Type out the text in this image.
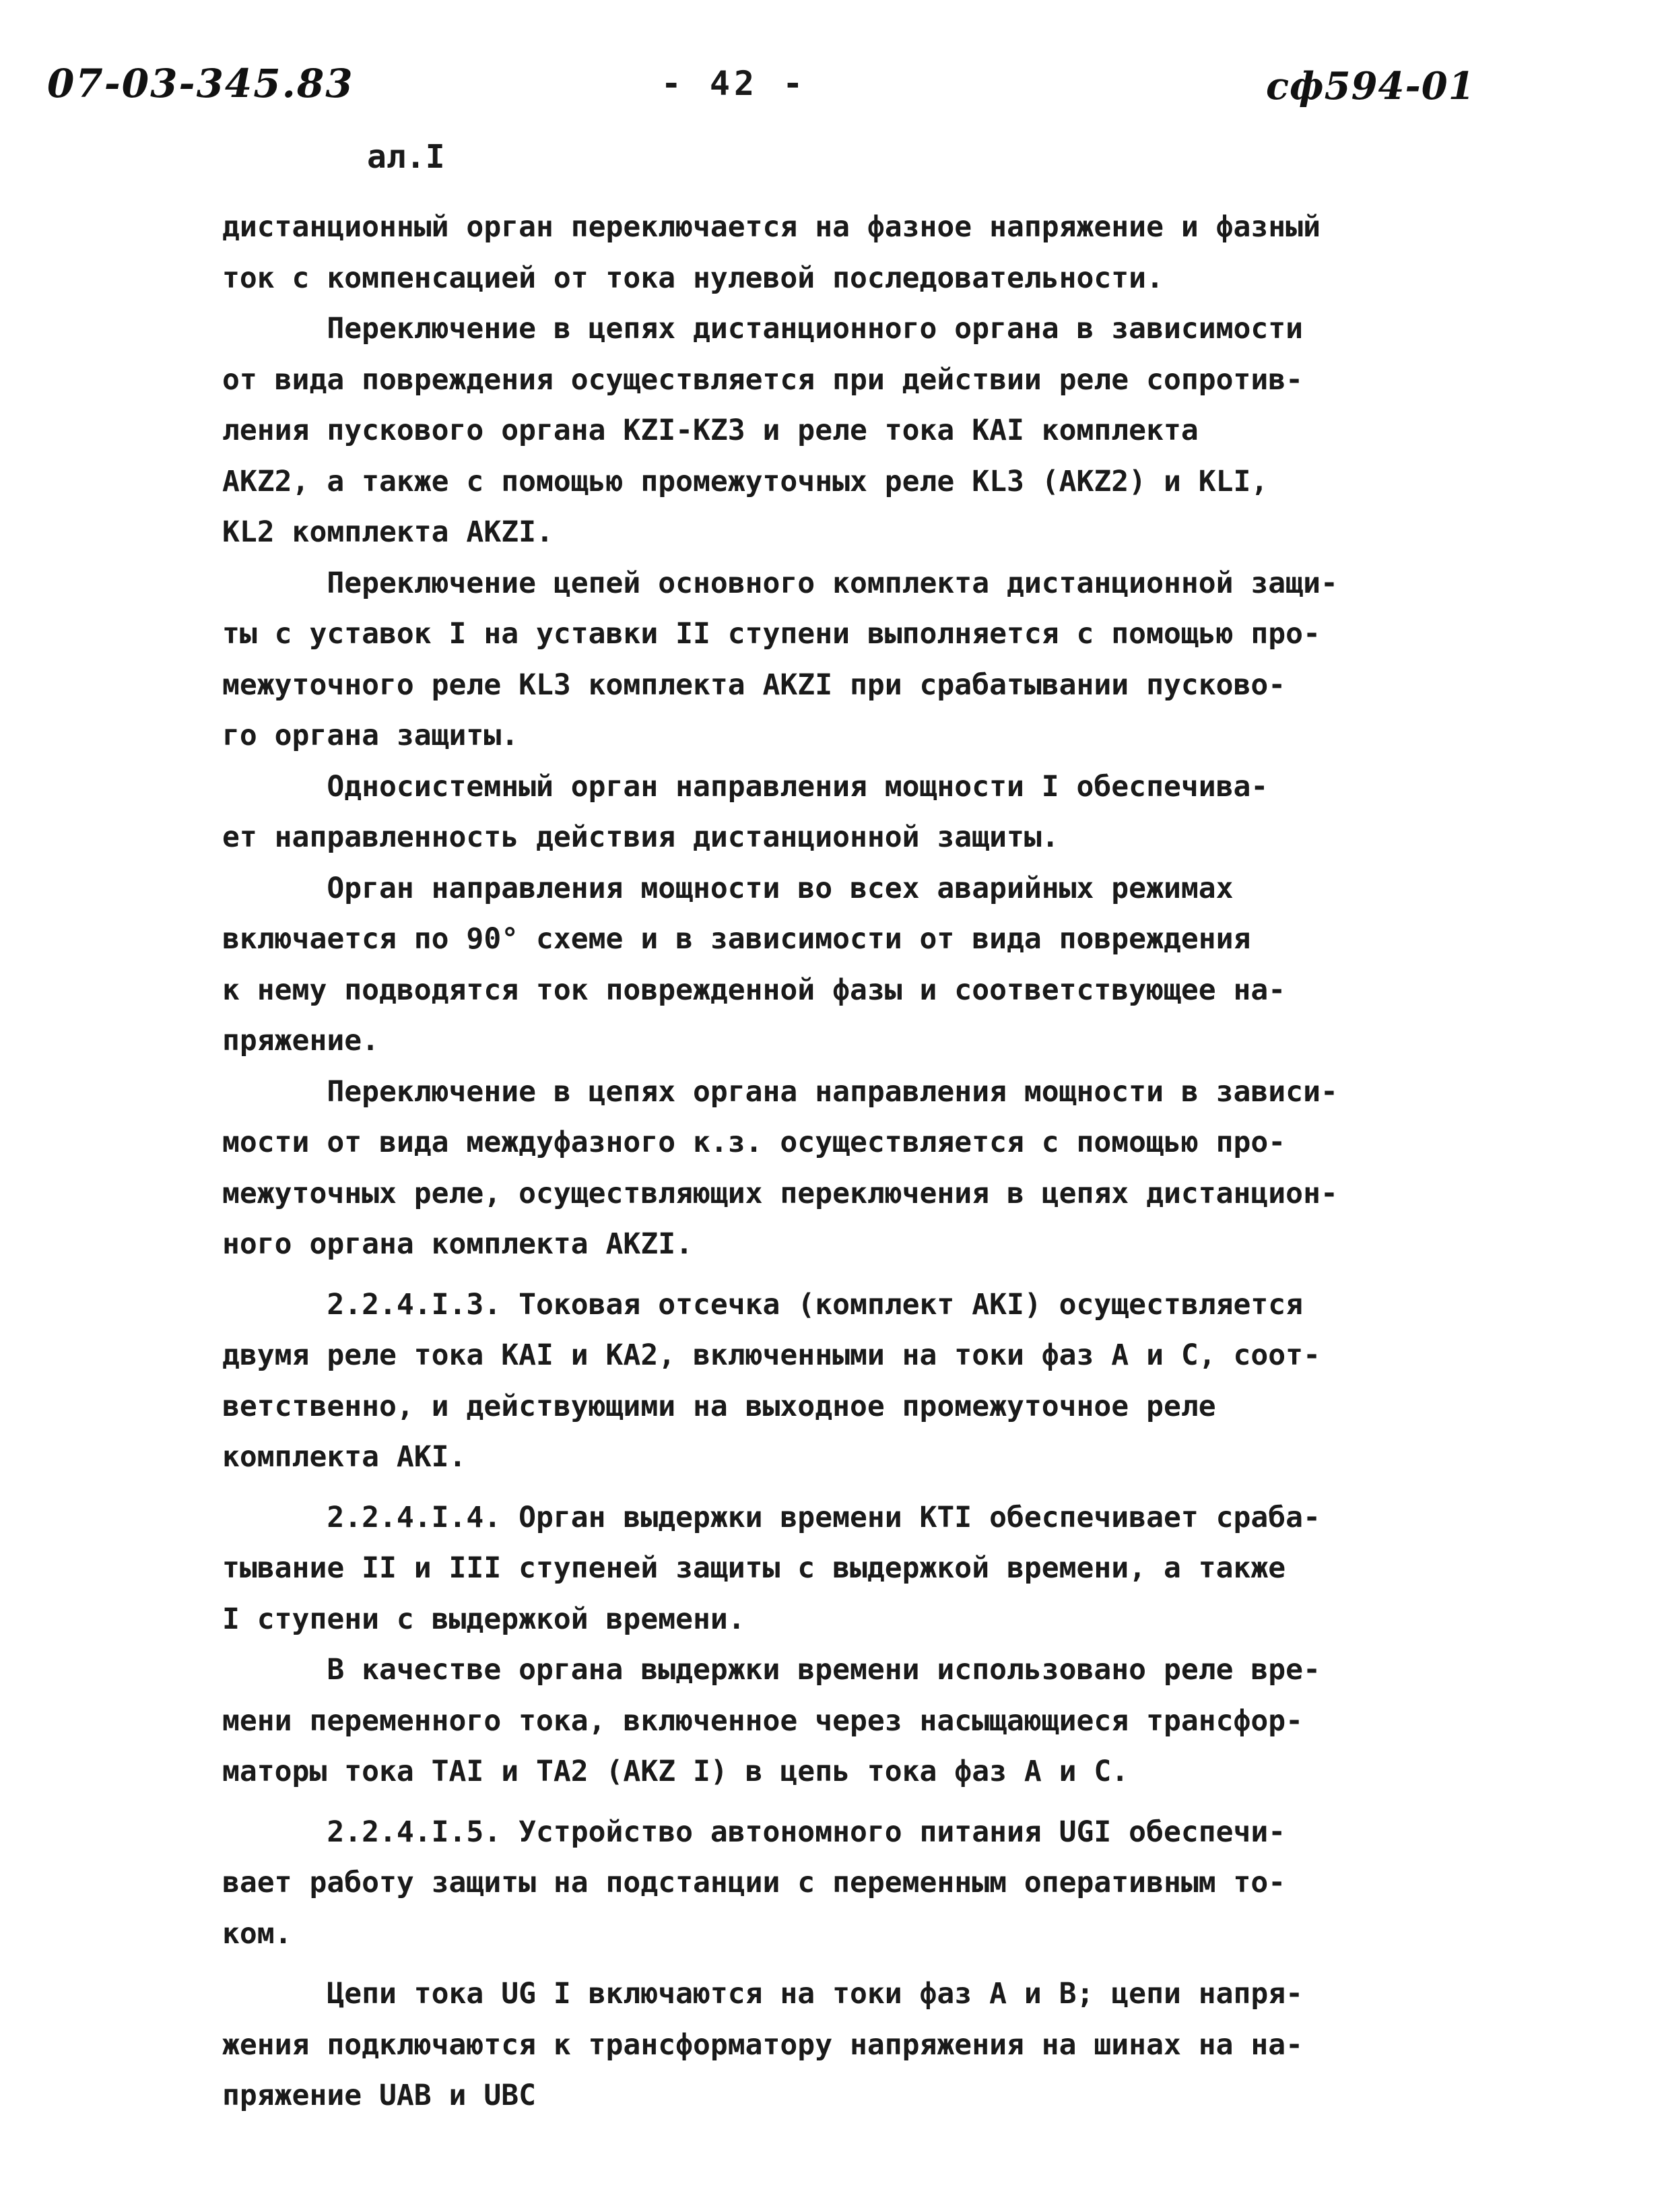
07-03-345.83	- 42 -	сф594-01
ал.I
дистанционный орган переключается на фазное напряжение и фазный
ток с компенсацией от тока нулевой последовательности.
Переключение в цепях дистанционного органа в зависимости
от вида повреждения осуществляется при действии реле сопротив-
ления пускового органа KZI-KZ3 и реле тока KAI комплекта
AKZ2, а также с помощью промежуточных реле KL3 (AKZ2) и KLI,
KL2 комплекта AKZI.
Переключение цепей основного комплекта дистанционной защи-
ты с уставок I на уставки II ступени выполняется с помощью про-
межуточного реле KL3 комплекта AKZI при срабатывании пусково-
го органа защиты.
Односистемный орган направления мощности I обеспечива-
ет направленность действия дистанционной защиты.
Орган направления мощности во всех аварийных режимах
включается по 90° схеме и в зависимости от вида повреждения
к нему подводятся ток поврежденной фазы и соответствующее на-
пряжение.
Переключение в цепях органа направления мощности в зависи-
мости от вида междуфазного к.з. осуществляется с помощью про-
межуточных реле, осуществляющих переключения в цепях дистанцион-
ного органа комплекта AKZI.
2.2.4.I.3. Токовая отсечка (комплект AKI) осуществляется
двумя реле тока KAI и KA2, включенными на токи фаз A и C, соот-
ветственно, и действующими на выходное промежуточное реле
комплекта AKI.
2.2.4.I.4. Орган выдержки времени KTI обеспечивает сраба-
тывание II и III ступеней защиты с выдержкой времени, а также
I ступени с выдержкой времени.
В качестве органа выдержки времени использовано реле вре-
мени переменного тока, включенное через насыщающиеся трансфор-
маторы тока TAI и TA2 (AKZ I) в цепь тока фаз A и C.
2.2.4.I.5. Устройство автономного питания UGI обеспечи-
вает работу защиты на подстанции с переменным оперативным то-
ком.
Цепи тока UG I включаются на токи фаз A и B; цепи напря-
жения подключаются к трансформатору напряжения на шинах на на-
пряжение UAB и UBC
